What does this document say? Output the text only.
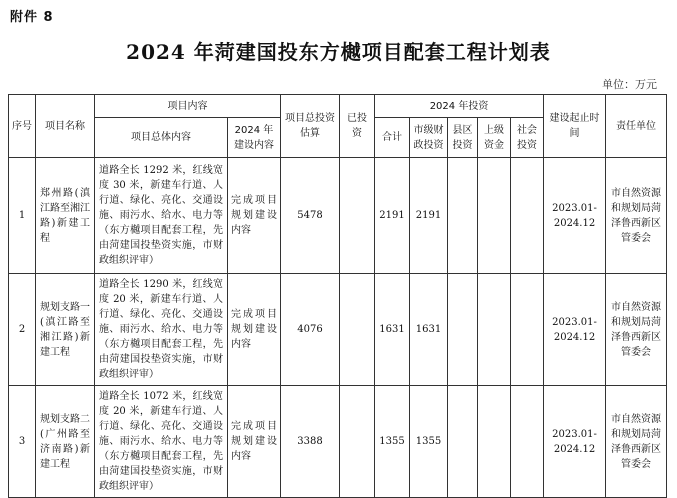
附件 8
2024 年菏建国投东方樾项目配套工程计划表
单位：万元
序号	项目名称	项目内容		项目总投资估算	已投资	2024 年投资					建设起止时间	责任单位
		项目总体内容	2024 年建设内容			合计	市级财政投资	县区投资	上级资金	社会投资		
1	郑州路(滇江路至湘江路)新建工程	道路全长 1292 米，红线宽度 30 米，新建车行道、人行道、绿化、亮化、交通设施、雨污水、给水、电力等（东方樾项目配套工程，先由菏建国投垫资实施，市财政组织评审）	完成项目规划建设内容	5478		2191	2191				2023.01-2024.12	市自然资源和规划局菏泽鲁西新区管委会
2	规划支路一(滇江路至湘江路)新建工程	道路全长 1290 米，红线宽度 20 米，新建车行道、人行道、绿化、亮化、交通设施、雨污水、给水、电力等（东方樾项目配套工程，先由菏建国投垫资实施，市财政组织评审）	完成项目规划建设内容	4076		1631	1631				2023.01-2024.12	市自然资源和规划局菏泽鲁西新区管委会
3	规划支路二(广州路至济南路)新建工程	道路全长 1072 米，红线宽度 20 米，新建车行道、人行道、绿化、亮化、交通设施、雨污水、给水、电力等（东方樾项目配套工程，先由菏建国投垫资实施，市财政组织评审）	完成项目规划建设内容	3388		1355	1355				2023.01-2024.12	市自然资源和规划局菏泽鲁西新区管委会
